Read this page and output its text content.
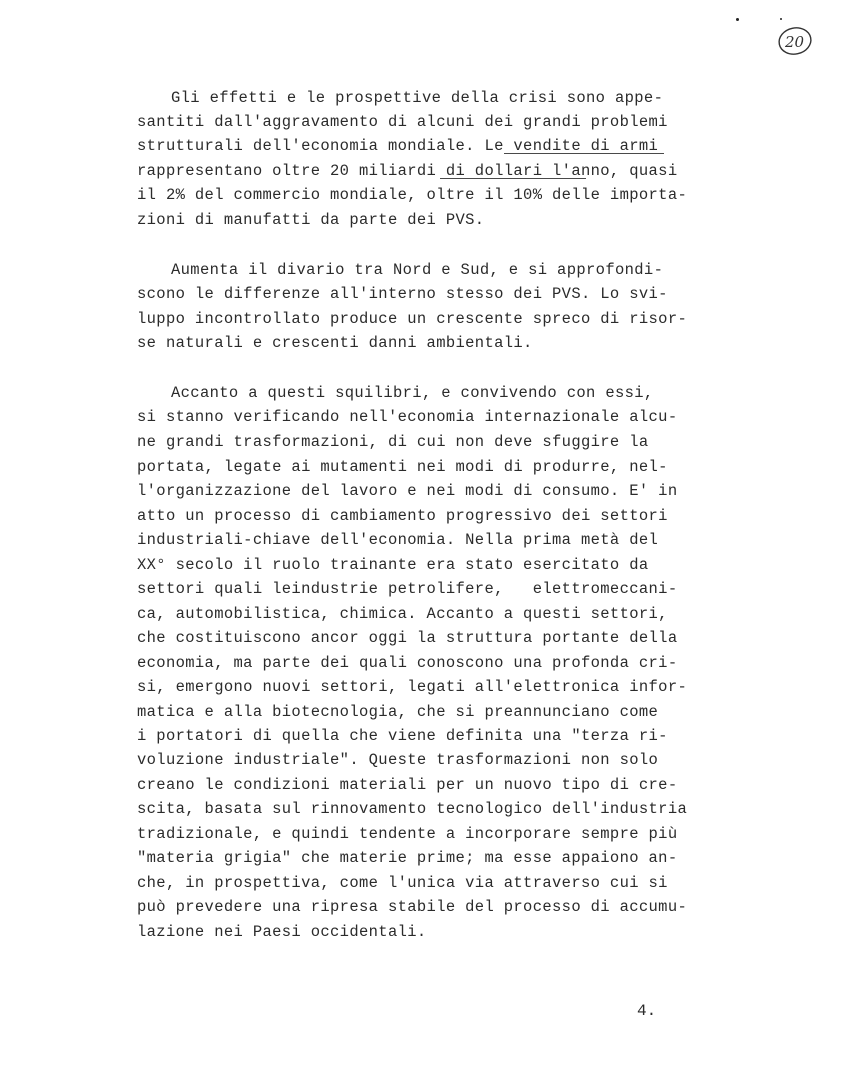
20
Gli effetti e le prospettive della crisi sono appe-
santiti dall'aggravamento di alcuni dei grandi problemi
strutturali dell'economia mondiale. Le vendite di armi
rappresentano oltre 20 miliardi di dollari l'anno, quasi
il 2% del commercio mondiale, oltre il 10% delle importa-
zioni di manufatti da parte dei PVS.
Aumenta il divario tra Nord e Sud, e si approfondi-
scono le differenze all'interno stesso dei PVS. Lo svi-
luppo incontrollato produce un crescente spreco di risor-
se naturali e crescenti danni ambientali.
Accanto a questi squilibri, e convivendo con essi,
si stanno verificando nell'economia internazionale alcu-
ne grandi trasformazioni, di cui non deve sfuggire la
portata, legate ai mutamenti nei modi di produrre, nel-
l'organizzazione del lavoro e nei modi di consumo. E' in
atto un processo di cambiamento progressivo dei settori
industriali-chiave dell'economia. Nella prima metà del
XX° secolo il ruolo trainante era stato esercitato da
settori quali leindustrie petrolifere,   elettromeccani-
ca, automobilistica, chimica. Accanto a questi settori,
che costituiscono ancor oggi la struttura portante della
economia, ma parte dei quali conoscono una profonda cri-
si, emergono nuovi settori, legati all'elettronica infor-
matica e alla biotecnologia, che si preannunciano come
i portatori di quella che viene definita una "terza ri-
voluzione industriale". Queste trasformazioni non solo
creano le condizioni materiali per un nuovo tipo di cre-
scita, basata sul rinnovamento tecnologico dell'industria
tradizionale, e quindi tendente a incorporare sempre più
"materia grigia" che materie prime; ma esse appaiono an-
che, in prospettiva, come l'unica via attraverso cui si
può prevedere una ripresa stabile del processo di accumu-
lazione nei Paesi occidentali.
4.
